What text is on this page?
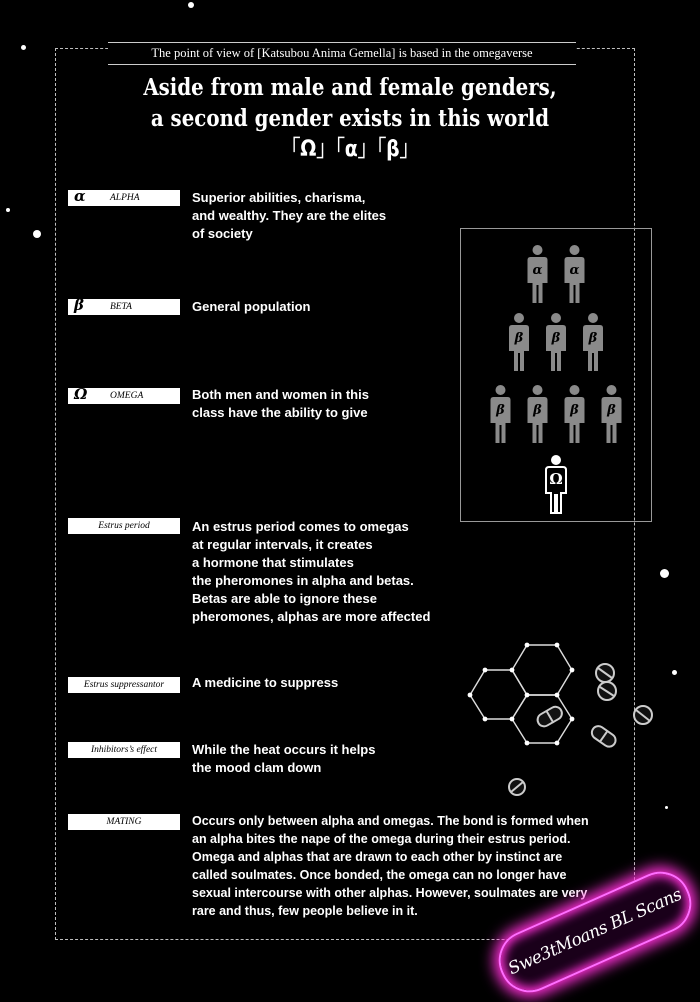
The point of view of [Katsubou Anima Gemella] is based in the omegaverse
Aside from male and female genders,
a second gender exists in this world
「Ω」「α」「β」
α	ALPHA	Superior abilities, charisma,
and wealthy. They are the elites
of society
β	BETA	General population
Ω OMEGA	Both men and women in this
class have the ability to give
Estrus period	An estrus period comes to omegas
at regular intervals, it creates
a hormone that stimulates
the pheromones in alpha and betas.
Betas are able to ignore these
pheromones, alphas are more affected
Estrus suppressantor	A medicine to suppress
Inhibitors’s effect	While the heat occurs it helps
the mood clam down
MATING	Occurs only between alpha and omegas. The bond is formed when
an alpha bites the nape of the omega during their estrus period.
Omega and alphas that are drawn to each other by instinct are
called soulmates. Once bonded, the omega can no longer have
sexual intercourse with other alphas. However, soulmates are very
rare and thus, few people believe in it.
α α
β β β
β β β β
Ω
Swe3tMoans BL Scans
